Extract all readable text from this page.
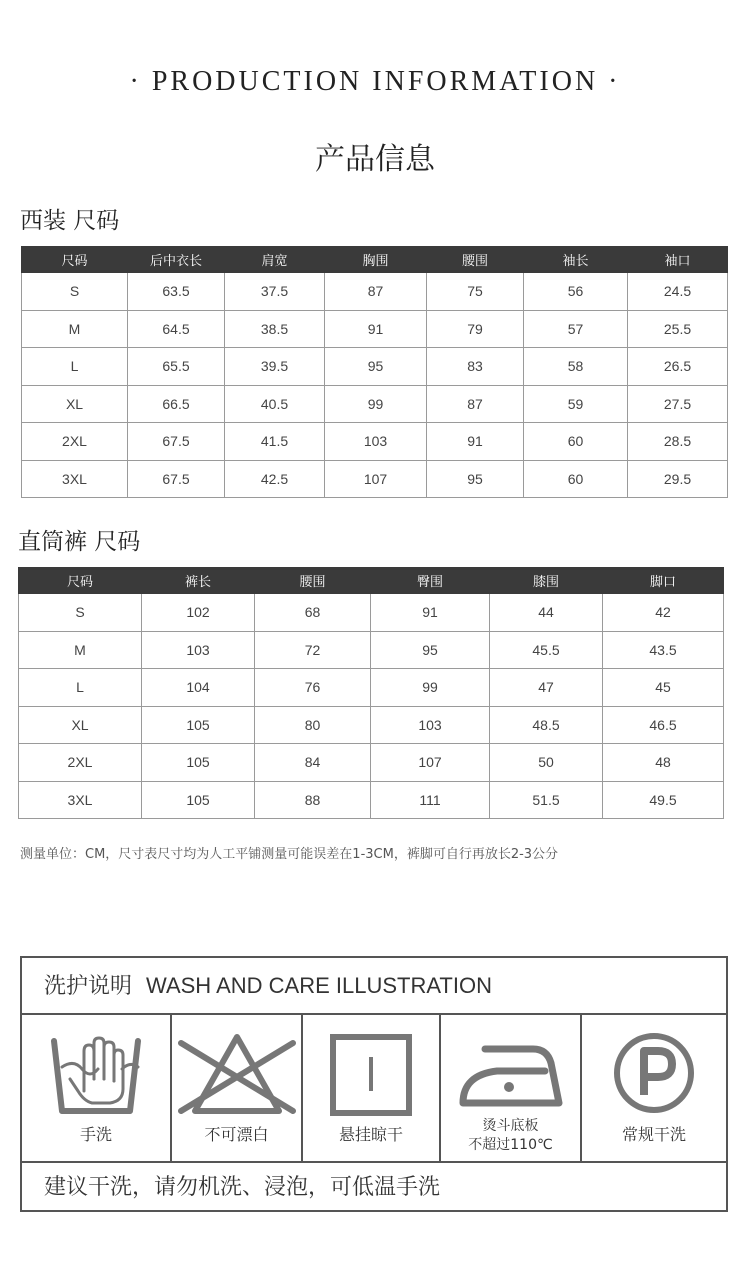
· PRODUCTION INFORMATION ·
产品信息
西装 尺码
尺码	后中衣长	肩宽	胸围	腰围	袖长	袖口
S	63.5	37.5	87	75	56	24.5
M	64.5	38.5	91	79	57	25.5
L	65.5	39.5	95	83	58	26.5
XL	66.5	40.5	99	87	59	27.5
2XL	67.5	41.5	103	91	60	28.5
3XL	67.5	42.5	107	95	60	29.5
直筒裤 尺码
尺码	裤长	腰围	臀围	膝围	脚口
S	102	68	91	44	42
M	103	72	95	45.5	43.5
L	104	76	99	47	45
XL	105	80	103	48.5	46.5
2XL	105	84	107	50	48
3XL	105	88	111	51.5	49.5
测量单位：CM，尺寸表尺寸均为人工平铺测量可能误差在1-3CM，裤脚可自行再放长2-3公分
洗护说明 WASH AND CARE ILLUSTRATION
手洗	不可漂白	悬挂晾干	烫斗底板
不超过110℃
常规干洗
建议干洗，请勿机洗、浸泡，可低温手洗
